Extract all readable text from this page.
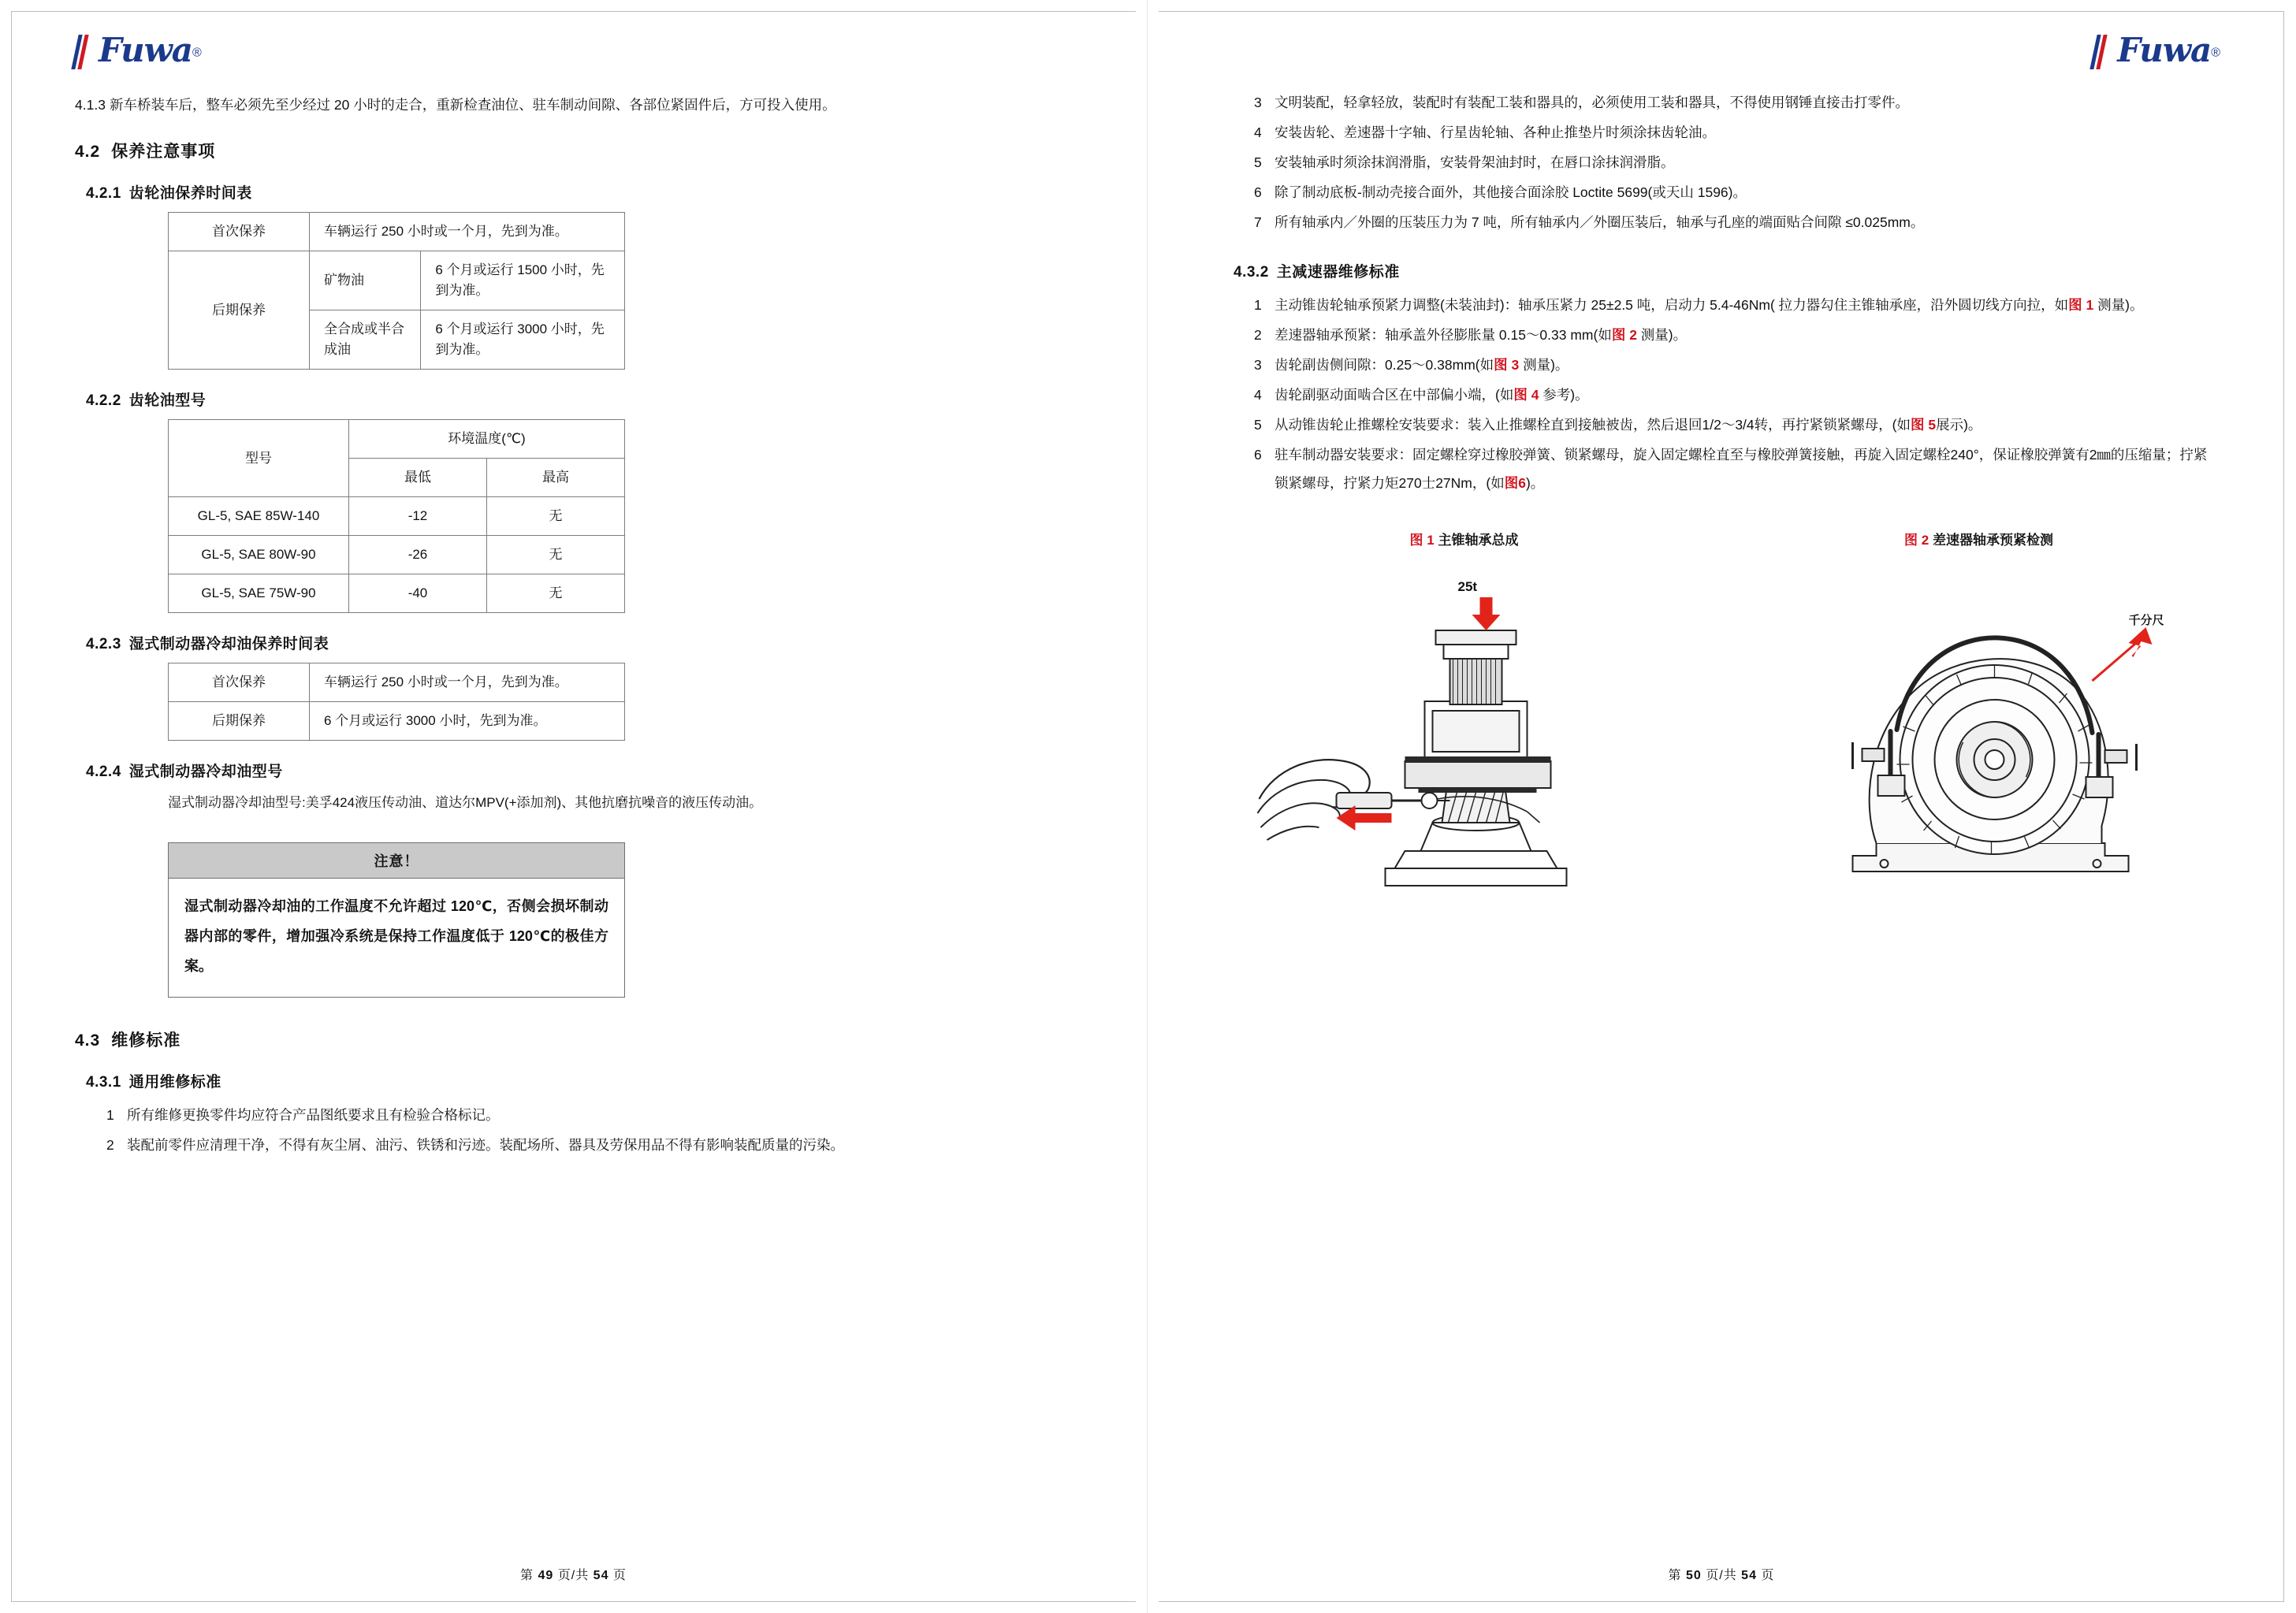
Fuwa®
4.1.3 新车桥装车后，整车必须先至少经过 20 小时的走合，重新检查油位、驻车制动间隙、各部位紧固件后，方可投入使用。
4.2 保养注意事项
4.2.1 齿轮油保养时间表
首次保养	车辆运行 250 小时或一个月，先到为准。	
后期保养	矿物油	6 个月或运行 1500 小时，先到为准。
	全合成或半合成油	6 个月或运行 3000 小时，先到为准。
4.2.2 齿轮油型号
型号	环境温度(℃)	
	最低	最高
GL-5, SAE 85W-140	-12	无
GL-5, SAE 80W-90	-26	无
GL-5, SAE 75W-90	-40	无
4.2.3 湿式制动器冷却油保养时间表
首次保养	车辆运行 250 小时或一个月，先到为准。
后期保养	6 个月或运行 3000 小时，先到为准。
4.2.4 湿式制动器冷却油型号
湿式制动器冷却油型号:美孚424液压传动油、道达尔MPV(+添加剂)、其他抗磨抗噪音的液压传动油。
注意！
湿式制动器冷却油的工作温度不允许超过 120℃，否侧会损坏制动器内部的零件，增加强冷系统是保持工作温度低于 120℃的极佳方案。
4.3 维修标准
4.3.1 通用维修标准
1 所有维修更换零件均应符合产品图纸要求且有检验合格标记。
2 装配前零件应清理干净，不得有灰尘屑、油污、铁锈和污迹。装配场所、器具及劳保用品不得有影响装配质量的污染。
第 49 页/共 54 页
Fuwa®
3 文明装配，轻拿轻放，装配时有装配工装和器具的，必须使用工装和器具，不得使用钢锤直接击打零件。
4 安装齿轮、差速器十字轴、行星齿轮轴、各种止推垫片时须涂抹齿轮油。
5 安装轴承时须涂抹润滑脂，安装骨架油封时，在唇口涂抹润滑脂。
6 除了制动底板-制动壳接合面外，其他接合面涂胶 Loctite 5699(或天山 1596)。
7 所有轴承内／外圈的压装压力为 7 吨，所有轴承内／外圈压装后，轴承与孔座的端面贴合间隙 ≤0.025mm。
4.3.2 主减速器维修标准
1 主动锥齿轮轴承预紧力调整(未装油封)：轴承压紧力 25±2.5 吨，启动力 5.4-46Nm( 拉力器勾住主锥轴承座，沿外圆切线方向拉，如图 1 测量)。
2 差速器轴承预紧：轴承盖外径膨胀量 0.15～0.33 mm(如图 2 测量)。
3 齿轮副齿侧间隙：0.25～0.38mm(如图 3 测量)。
4 齿轮副驱动面啮合区在中部偏小端，(如图 4 参考)。
5 从动锥齿轮止推螺栓安装要求：装入止推螺栓直到接触被齿，然后退回1/2～3/4转，再拧紧锁紧螺母，(如图 5展示)。
6 驻车制动器安装要求：固定螺栓穿过橡胶弹簧、锁紧螺母，旋入固定螺栓直至与橡胶弹簧接触，再旋入固定螺栓240°，保证橡胶弹簧有2㎜的压缩量；拧紧锁紧螺母，拧紧力矩270士27Nm，(如图6)。
图 1 主锥轴承总成
25t
图 2 差速器轴承预紧检测
千分尺
第 50 页/共 54 页
